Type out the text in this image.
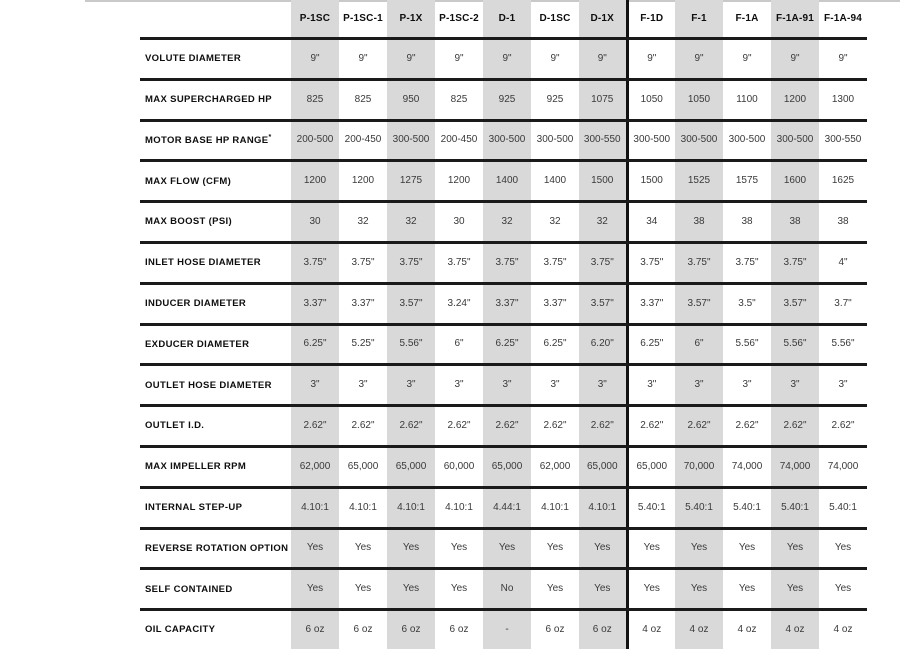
	P-1SC	P-1SC-1	P-1X	P-1SC-2	D-1	D-1SC	D-1X	F-1D	F-1	F-1A	F-1A-91	F-1A-94
VOLUTE DIAMETER	9"	9"	9"	9"	9"	9"	9"	9"	9"	9"	9"	9"
MAX SUPERCHARGED HP	825	825	950	825	925	925	1075	1050	1050	1100	1200	1300
MOTOR BASE HP RANGE*	200-500	200-450	300-500	200-450	300-500	300-500	300-550	300-500	300-500	300-500	300-500	300-550
MAX FLOW (CFM)	1200	1200	1275	1200	1400	1400	1500	1500	1525	1575	1600	1625
MAX BOOST (PSI)	30	32	32	30	32	32	32	34	38	38	38	38
INLET HOSE DIAMETER	3.75"	3.75"	3.75"	3.75"	3.75"	3.75"	3.75"	3.75"	3.75"	3.75"	3.75"	4"
INDUCER DIAMETER	3.37"	3.37"	3.57"	3.24"	3.37"	3.37"	3.57"	3.37"	3.57"	3.5"	3.57"	3.7"
EXDUCER DIAMETER	6.25"	5.25"	5.56"	6"	6.25"	6.25"	6.20"	6.25"	6"	5.56"	5.56"	5.56"
OUTLET HOSE DIAMETER	3"	3"	3"	3"	3"	3"	3"	3"	3"	3"	3"	3"
OUTLET I.D.	2.62"	2.62"	2.62"	2.62"	2.62"	2.62"	2.62"	2.62"	2.62"	2.62"	2.62"	2.62"
MAX IMPELLER RPM	62,000	65,000	65,000	60,000	65,000	62,000	65,000	65,000	70,000	74,000	74,000	74,000
INTERNAL STEP-UP	4.10:1	4.10:1	4.10:1	4.10:1	4.44:1	4.10:1	4.10:1	5.40:1	5.40:1	5.40:1	5.40:1	5.40:1
REVERSE ROTATION OPTION	Yes	Yes	Yes	Yes	Yes	Yes	Yes	Yes	Yes	Yes	Yes	Yes
SELF CONTAINED	Yes	Yes	Yes	Yes	No	Yes	Yes	Yes	Yes	Yes	Yes	Yes
OIL CAPACITY	6 oz	6 oz	6 oz	6 oz	-	6 oz	6 oz	4 oz	4 oz	4 oz	4 oz	4 oz
